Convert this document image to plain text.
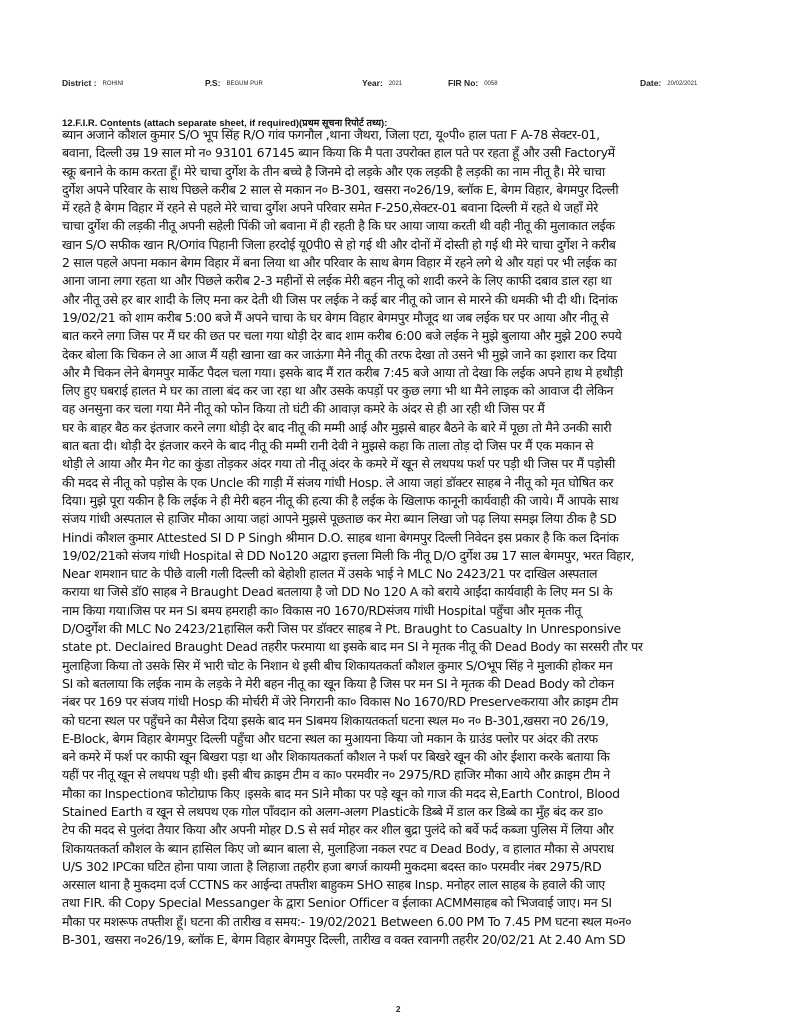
District : ROHINI	P.S: BEGUM PUR	Year: 2021	FIR No: 0058	Date: 20/02/2021
12.F.I.R. Contents (attach separate sheet, if required)(प्रथम सूचना रिपोर्ट तथ्य):
ब्यान अजाने कौशल कुमार S/O भूप सिंह R/O गांव फगनौल ,थाना जैथरा, जिला एटा, यू०पी० हाल पता F A-78 सेक्टर-01,
बवाना, दिल्ली उम्र 19 साल मो न० 93101 67145 ब्यान किया कि मै पता उपरोक्त हाल पते पर रहता हूँ और उसी Factoryमें
स्क्रू बनाने के काम करता हूँ। मेरे चाचा दुर्गेश के तीन बच्चे है जिनमे दो लड़के और एक लड़की है लड़की का नाम नीतू है। मेरे चाचा
दुर्गेश अपने परिवार के साथ पिछले करीब 2 साल से मकान न० B-301, खसरा न०26/19, ब्लॉक E, बेगम विहार, बेगमपुर दिल्ली
में रहते है बेगम विहार में रहने से पहले मेरे चाचा दुर्गेश अपने परिवार समेत F-250,सेक्टर-01 बवाना दिल्ली में रहते थे जहाँ मेरे
चाचा दुर्गेश की लड़की नीतू अपनी सहेली पिंकी जो बवाना में ही रहती है कि घर आया जाया करती थी वही नीतू की मुलाकात लईक
खान S/O सफीक खान R/Oगांव पिहानी जिला हरदोई यू0पी0 से हो गई थी और दोनों में दोस्ती हो गई थी मेरे चाचा दुर्गेश ने करीब
2 साल पहले अपना मकान बेगम विहार में बना लिया था और परिवार के साथ बेगम विहार में रहने लगे थे और यहां पर भी लईक का
आना जाना लगा रहता था और पिछले करीब 2-3 महीनों से लईक मेरी बहन नीतू को शादी करने के लिए काफी दबाव डाल रहा था
और नीतू उसे हर बार शादी के लिए मना कर देती थी जिस पर लईक ने कई बार नीतू को जान से मारने की धमकी भी दी थी। दिनांक
19/02/21 को शाम करीब 5:00 बजे मैं अपने चाचा के घर बेगम विहार बेगमपुर मौजूद था जब लईक घर पर आया और नीतू से
बात करने लगा जिस पर मैं घर की छत पर चला गया थोड़ी देर बाद शाम करीब 6:00 बजे लईक ने मुझे बुलाया और मुझे 200 रुपये
देकर बोला कि चिकन ले आ आज मैं यही खाना खा कर जाऊंगा मैने नीतू की तरफ देखा तो उसने भी मुझे जाने का इशारा कर दिया
और मै चिकन लेने बेगमपुर मार्केट पैदल चला गया। इसके बाद मैं रात करीब 7:45 बजे आया तो देखा कि लईक अपने हाथ मे हथौड़ी
लिए हुए घबराई हालत मे घर का ताला बंद कर जा रहा था और उसके कपड़ों पर कुछ लगा भी था मैने लाइक को आवाज दी लेकिन
वह अनसुना कर चला गया मैने नीतू को फोन किया तो घंटी की आवाज़ कमरे के अंदर से ही आ रही थी जिस पर मैं
घर के बाहर बैठ कर इंतजार करने लगा थोड़ी देर बाद नीतू की मम्मी आई और मुझसे बाहर बैठने के बारे में पूछा तो मैने उनकी सारी
बात बता दी। थोड़ी देर इंतजार करने के बाद नीतू की मम्मी रानी देवी ने मुझसे कहा कि ताला तोड़ दो जिस पर मैं एक मकान से
थोड़ी ले आया और मैन गेट का कुंडा तोड़कर अंदर गया तो नीतू अंदर के कमरे में खून से लथपथ फर्श पर पड़ी थी जिस पर मैं पड़ोसी
की मदद से नीतू को पड़ोस के एक Uncle की गाड़ी में संजय गांधी Hosp. ले आया जहां डॉक्टर साहब ने नीतू को मृत घोषित कर
दिया। मुझे पूरा यकीन है कि लईक ने ही मेरी बहन नीतू की हत्या की है लईक के खिलाफ कानूनी कार्यवाही की जाये। मैं आपके साथ
संजय गांधी अस्पताल से हाजिर मौका आया जहां आपने मुझसे पूछताछ कर मेरा ब्यान लिखा जो पढ़ लिया समझ लिया ठीक है SD
Hindi कौशल कुमार Attested SI D P Singh श्रीमान D.O. साहब थाना बेगमपुर दिल्ली निवेदन इस प्रकार है कि कल दिनांक
19/02/21को संजय गांधी Hospital से DD No120 अद्वारा इत्तला मिली कि नीतू D/O दुर्गेश उम्र 17 साल बेगमपुर, भरत विहार,
Near शमशान घाट के पीछे वाली गली दिल्ली को बेहोशी हालत में उसके भाई ने MLC No 2423/21 पर दाखिल अस्पताल
कराया था जिसे डॉ0 साहब ने Braught Dead बतलाया है जो DD No 120 A को बराये आईंदा कार्यवाही के लिए मन SI के
नाम किया गया।जिस पर मन SI बमय हमराही का० विकास न0 1670/RDसंजय गांधी Hospital पहुँचा और मृतक नीतू
D/Oदुर्गेश की MLC No 2423/21हासिल करी जिस पर डॉक्टर साहब ने Pt. Braught to Casualty In Unresponsive
state pt. Declaired Braught Dead तहरीर फरमाया था इसके बाद मन SI ने मृतक नीतू की Dead Body का सरसरी तौर पर
मुलाहिजा किया तो उसके सिर में भारी चोट के निशान थे इसी बीच शिकायतकर्ता कौशल कुमार S/Oभूप सिंह ने मुलाकी होकर मन
SI को बतलाया कि लईक नाम के लड़के ने मेरी बहन नीतू का खून किया है जिस पर मन SI ने मृतक की Dead Body को टोकन
नंबर पर 169 पर संजय गांधी Hosp की मोर्चरी में जेरे निगरानी का० विकास No 1670/RD Preserveकराया और क्राइम टीम
को घटना स्थल पर पहुँचने का मैसेज दिया इसके बाद मन SIबमय शिकायतकर्ता घटना स्थल म० न० B-301,खसरा न0 26/19,
E-Block, बेगम विहार बेगमपुर दिल्ली पहुँचा और घटना स्थल का मुआयना किया जो मकान के ग्राउंड फ्लोर पर अंदर की तरफ
बने कमरे में फर्श पर काफी खून बिखरा पड़ा था और शिकायतकर्ता कौशल ने फर्श पर बिखरे खून की ओर ईशारा करके बताया कि
यहीं पर नीतू खून से लथपथ पड़ी थी। इसी बीच क्राइम टीम व का० परमवीर न० 2975/RD हाजिर मौका आये और क्राइम टीम ने
मौका का Inspectionव फोटोग्राफ किए ।इसके बाद मन SIने मौका पर पड़े खून को गाज की मदद से,Earth Control, Blood
Stained Earth व खून से लथपथ एक गोल पाँवदान को अलग-अलग Plasticके डिब्बे में डाल कर डिब्बे का मुँह बंद कर डा०
टेप की मदद से पुलंदा तैयार किया और अपनी मोहर D.S से सर्व मोहर कर शील बुद्रा पुलंदे को बर्वे फर्द कब्जा पुलिस में लिया और
शिकायतकर्ता कौशल के ब्यान हासिल किए जो ब्यान बाला से, मुलाहिजा नकल रपट व Dead Body, व हालात मौका से अपराध
U/S 302 IPCका घटित होना पाया जाता है लिहाजा तहरीर हजा बगर्ज कायमी मुकदमा बदस्त का० परमवीर नंबर 2975/RD
अरसाल थाना है मुकदमा दर्ज CCTNS कर आईन्दा तफ्तीश बाहुकम SHO साहब Insp. मनोहर लाल साहब के हवाले की जाए
तथा FIR. की Copy Special Messanger के द्वारा Senior Officer व ईलाका ACMMसाहब को भिजवाई जाए। मन SI
मौका पर मशरूफ तफ्तीश हूँ। घटना की तारीख व समय:- 19/02/2021 Between 6.00 PM To 7.45 PM घटना स्थल म०न०
B-301, खसरा न०26/19, ब्लॉक E, बेगम विहार बेगमपुर दिल्ली, तारीख व वक्त रवानगी तहरीर 20/02/21 At 2.40 Am SD
2
